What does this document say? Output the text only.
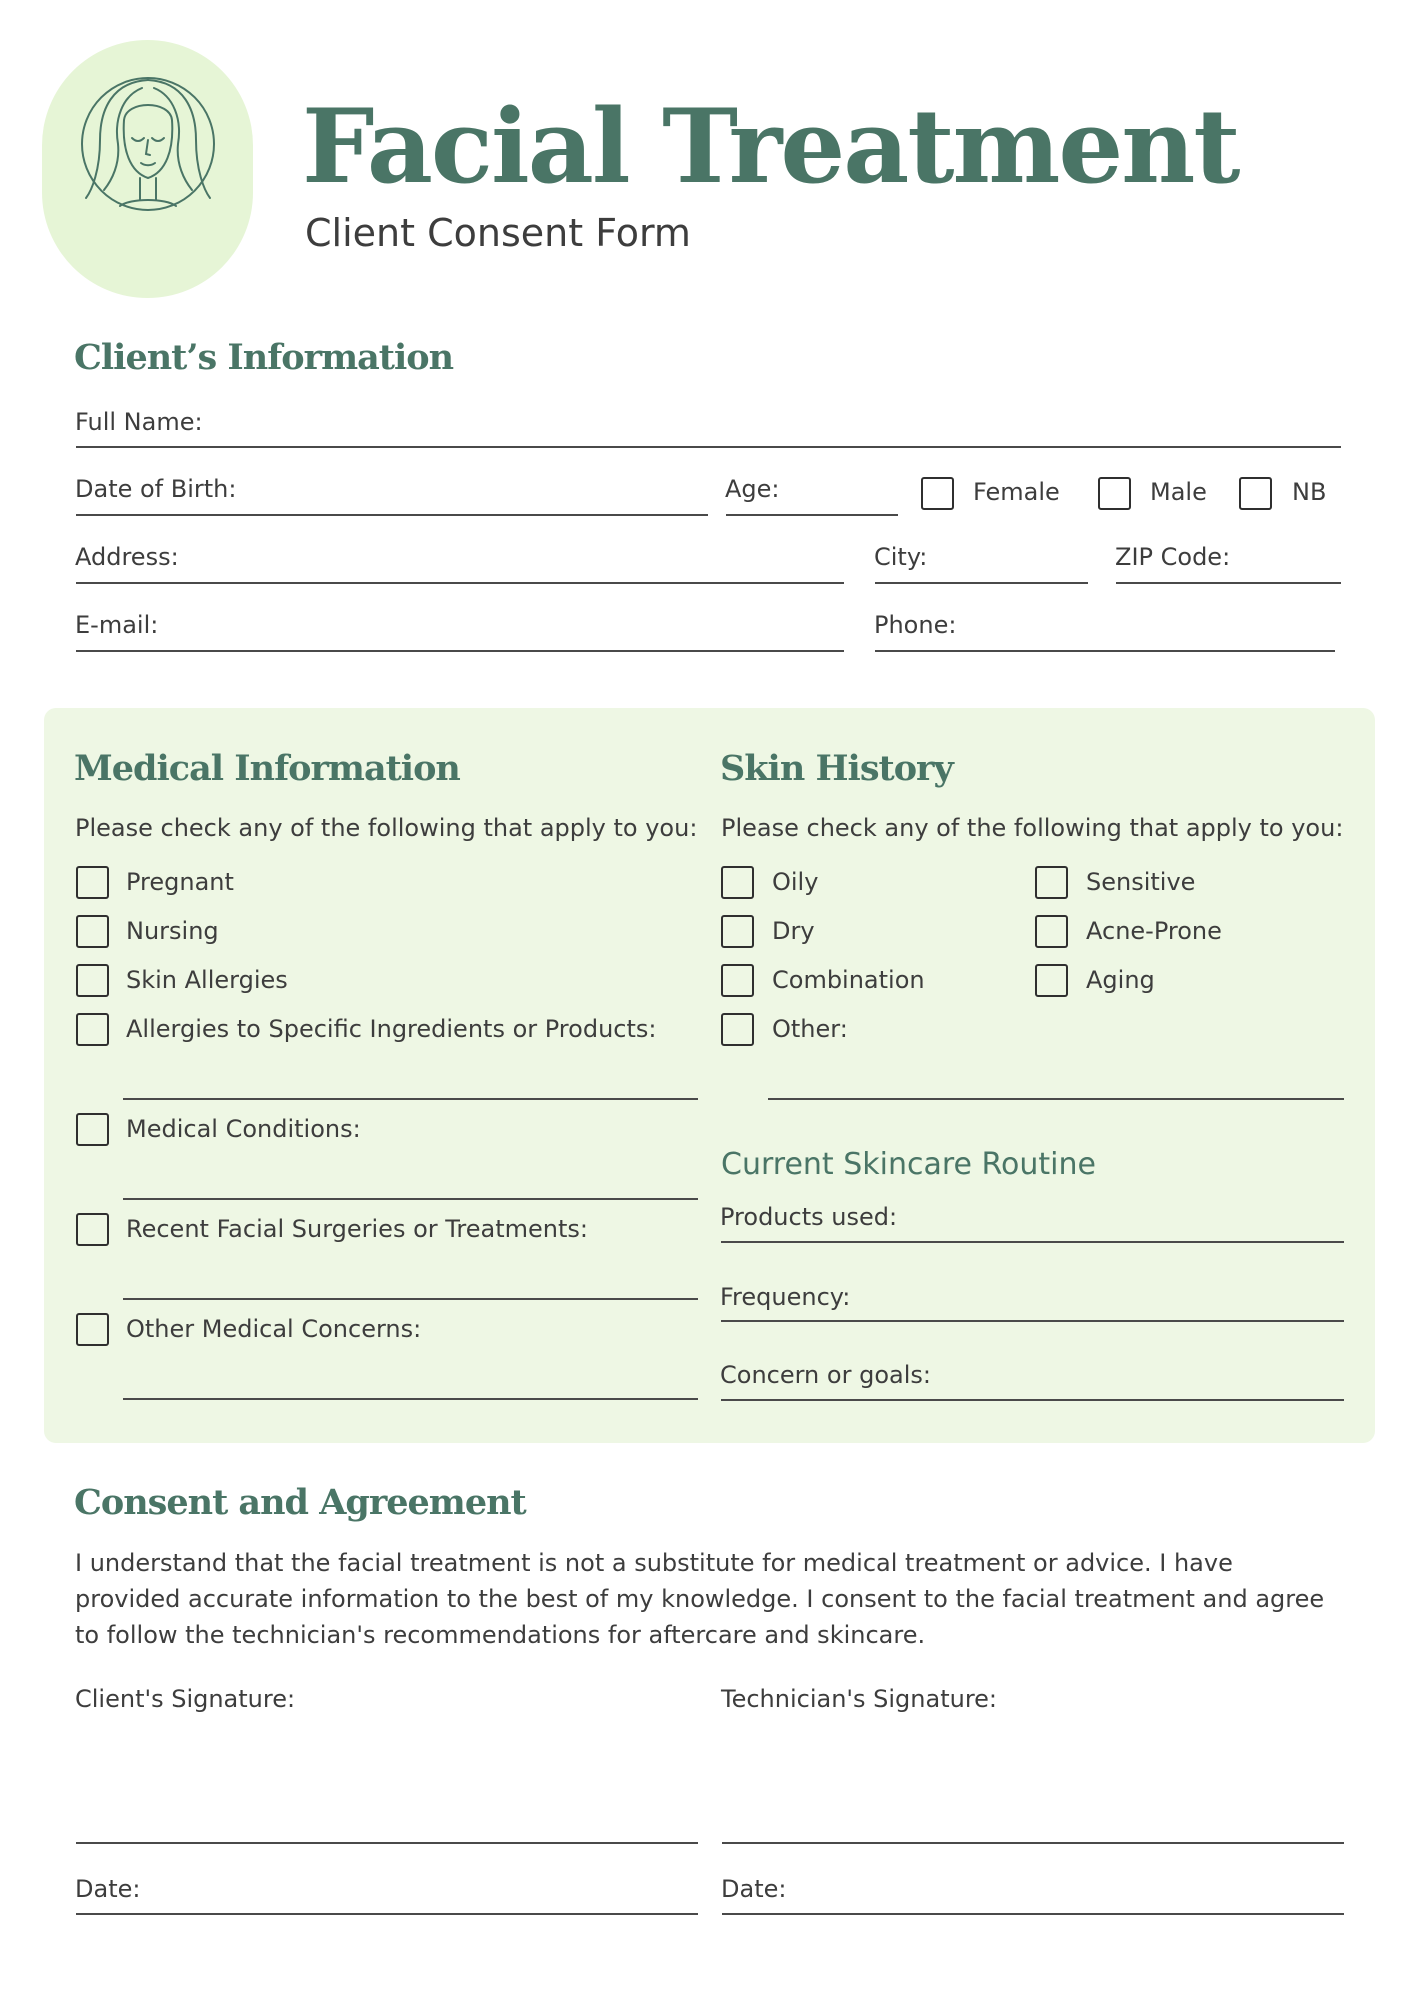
Facial Treatment
Client Consent Form
Client’s Information
Full Name:
Date of Birth:	Age:	Female	Male	NB
Address:	City:	ZIP Code:
E-mail:	Phone:
Medical Information
Please check any of the following that apply to you:
Pregnant
Nursing
Skin Allergies
Allergies to Specific Ingredients or Products:
Medical Conditions:
Recent Facial Surgeries or Treatments:
Other Medical Concerns:
Skin History
Please check any of the following that apply to you:
Oily
Dry
Combination
Other:
Sensitive
Acne-Prone
Aging
Current Skincare Routine
Products used:
Frequency:
Concern or goals:
Consent and Agreement
I understand that the facial treatment is not a substitute for medical treatment or advice. I have provided accurate information to the best of my knowledge. I consent to the facial treatment and agree to follow the technician's recommendations for aftercare and skincare.
Client's Signature:	Technician's Signature:
Date:	Date:
